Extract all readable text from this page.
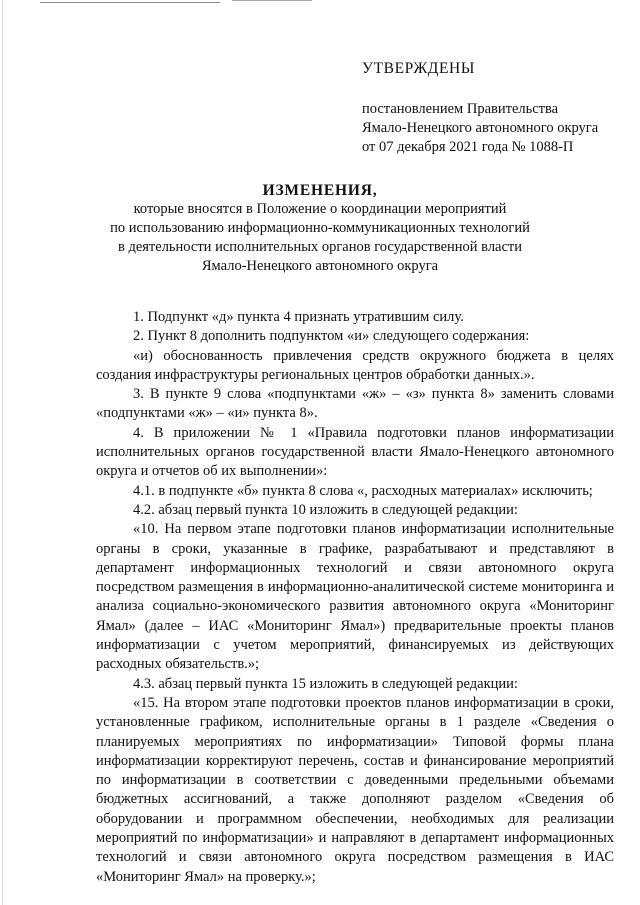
УТВЕРЖДЕНЫ
постановлением Правительства
Ямало-Ненецкого автономного округа
от 07 декабря 2021 года № 1088-П
ИЗМЕНЕНИЯ,
которые вносятся в Положение о координации мероприятий
по использованию информационно-коммуникационных технологий
в деятельности исполнительных органов государственной власти
Ямало-Ненецкого автономного округа
1. Подпункт «д» пункта 4 признать утратившим силу.
2. Пункт 8 дополнить подпунктом «и» следующего содержания:
«и) обоснованность привлечения средств окружного бюджета в целях создания инфраструктуры региональных центров обработки данных.».
3. В пункте 9 слова «подпунктами «ж» – «з» пункта 8» заменить словами «подпунктами «ж» – «и» пункта 8».
4. В приложении № 1 «Правила подготовки планов информатизации исполнительных органов государственной власти Ямало-Ненецкого автономного округа и отчетов об их выполнении»:
4.1. в подпункте «б» пункта 8 слова «, расходных материалах» исключить;
4.2. абзац первый пункта 10 изложить в следующей редакции:
«10. На первом этапе подготовки планов информатизации исполнительные органы в сроки, указанные в графике, разрабатывают и представляют в департамент информационных технологий и связи автономного округа посредством размещения в информационно-аналитической системе мониторинга и анализа социально-экономического развития автономного округа «Мониторинг Ямал» (далее – ИАС «Мониторинг Ямал») предварительные проекты планов информатизации с учетом мероприятий, финансируемых из действующих расходных обязательств.»;
4.3. абзац первый пункта 15 изложить в следующей редакции:
«15. На втором этапе подготовки проектов планов информатизации в сроки, установленные графиком, исполнительные органы в 1 разделе «Сведения о планируемых мероприятиях по информатизации» Типовой формы плана информатизации корректируют перечень, состав и финансирование мероприятий по информатизации в соответствии с доведенными предельными объемами бюджетных ассигнований, а также дополняют разделом «Сведения об оборудовании и программном обеспечении, необходимых для реализации мероприятий по информатизации» и направляют в департамент информационных технологий и связи автономного округа посредством размещения в ИАС «Мониторинг Ямал» на проверку.»;
